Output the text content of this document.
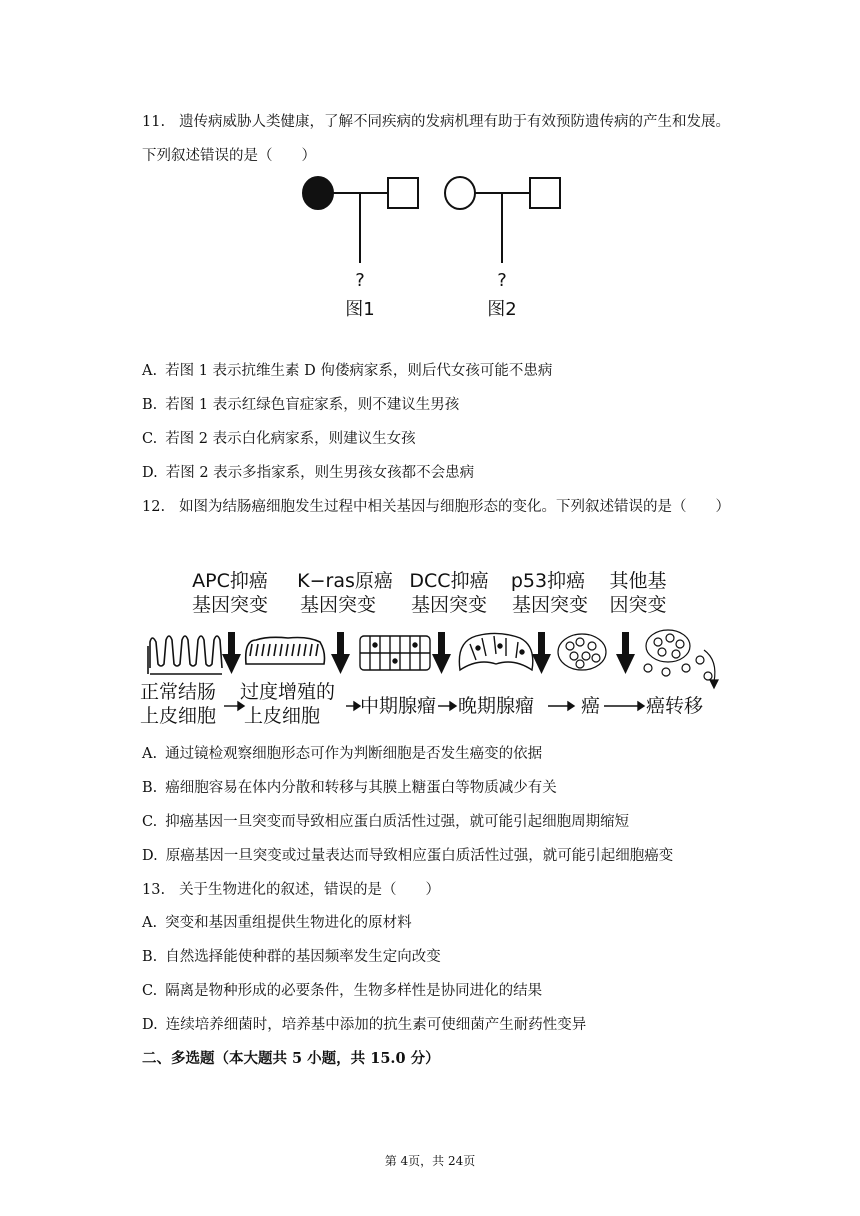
11. 遗传病威胁人类健康，了解不同疾病的发病机理有助于有效预防遗传病的产生和发展。
下列叙述错误的是（　　）
?
图1
?
图2
A. 若图 1 表示抗维生素 D 佝偻病家系，则后代女孩可能不患病
B. 若图 1 表示红绿色盲症家系，则不建议生男孩
C. 若图 2 表示白化病家系，则建议生女孩
D. 若图 2 表示多指家系，则生男孩女孩都不会患病
12. 如图为结肠癌细胞发生过程中相关基因与细胞形态的变化。下列叙述错误的是（　　）
APC抑癌
基因突变
K−ras原癌
基因突变
DCC抑癌
基因突变
p53抑癌
基因突变
其他基
因突变
正常结肠
上皮细胞
过度增殖的
上皮细胞 中期腺瘤 晚期腺瘤 癌 癌转移
A. 通过镜检观察细胞形态可作为判断细胞是否发生癌变的依据
B. 癌细胞容易在体内分散和转移与其膜上糖蛋白等物质减少有关
C. 抑癌基因一旦突变而导致相应蛋白质活性过强，就可能引起细胞周期缩短
D. 原癌基因一旦突变或过量表达而导致相应蛋白质活性过强，就可能引起细胞癌变
13. 关于生物进化的叙述，错误的是（　　）
A. 突变和基因重组提供生物进化的原材料
B. 自然选择能使种群的基因频率发生定向改变
C. 隔离是物种形成的必要条件，生物多样性是协同进化的结果
D. 连续培养细菌时，培养基中添加的抗生素可使细菌产生耐药性变异
二、多选题（本大题共 5 小题，共 15.0 分）
第 4页，共 24页
